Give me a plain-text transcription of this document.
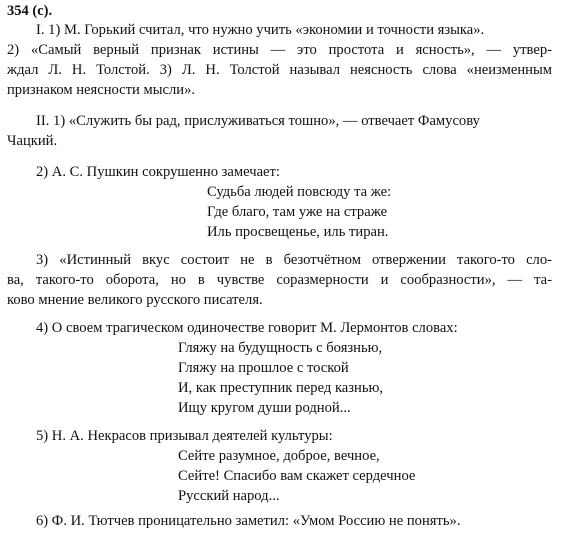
354 (с).
I. 1) М. Горький считал, что нужно учить «экономии и точности языка».
2) «Самый верный признак истины — это простота и ясность», — утвер-
ждал Л. Н. Толстой. 3) Л. Н. Толстой называл неясность слова «неизменным
признаком неясности мысли».
II. 1) «Служить бы рад, прислуживаться тошно», — отвечает Фамусову
Чацкий.
2) А. С. Пушкин сокрушенно замечает:
Судьба людей повсюду та же:
Где благо, там уже на страже
Иль просвещенье, иль тиран.
3) «Истинный вкус состоит не в безотчётном отвержении такого-то сло-
ва, такого-то оборота, но в чувстве соразмерности и сообразности», — та-
ково мнение великого русского писателя.
4) О своем трагическом одиночестве говорит М. Лермонтов словах:
Гляжу на будущность с боязнью,
Гляжу на прошлое с тоской
И, как преступник перед казнью,
Ищу кругом души родной...
5) Н. А. Некрасов призывал деятелей культуры:
Сейте разумное, доброе, вечное,
Сейте! Спасибо вам скажет сердечное
Русский народ...
6) Ф. И. Тютчев проницательно заметил: «Умом Россию не понять».
